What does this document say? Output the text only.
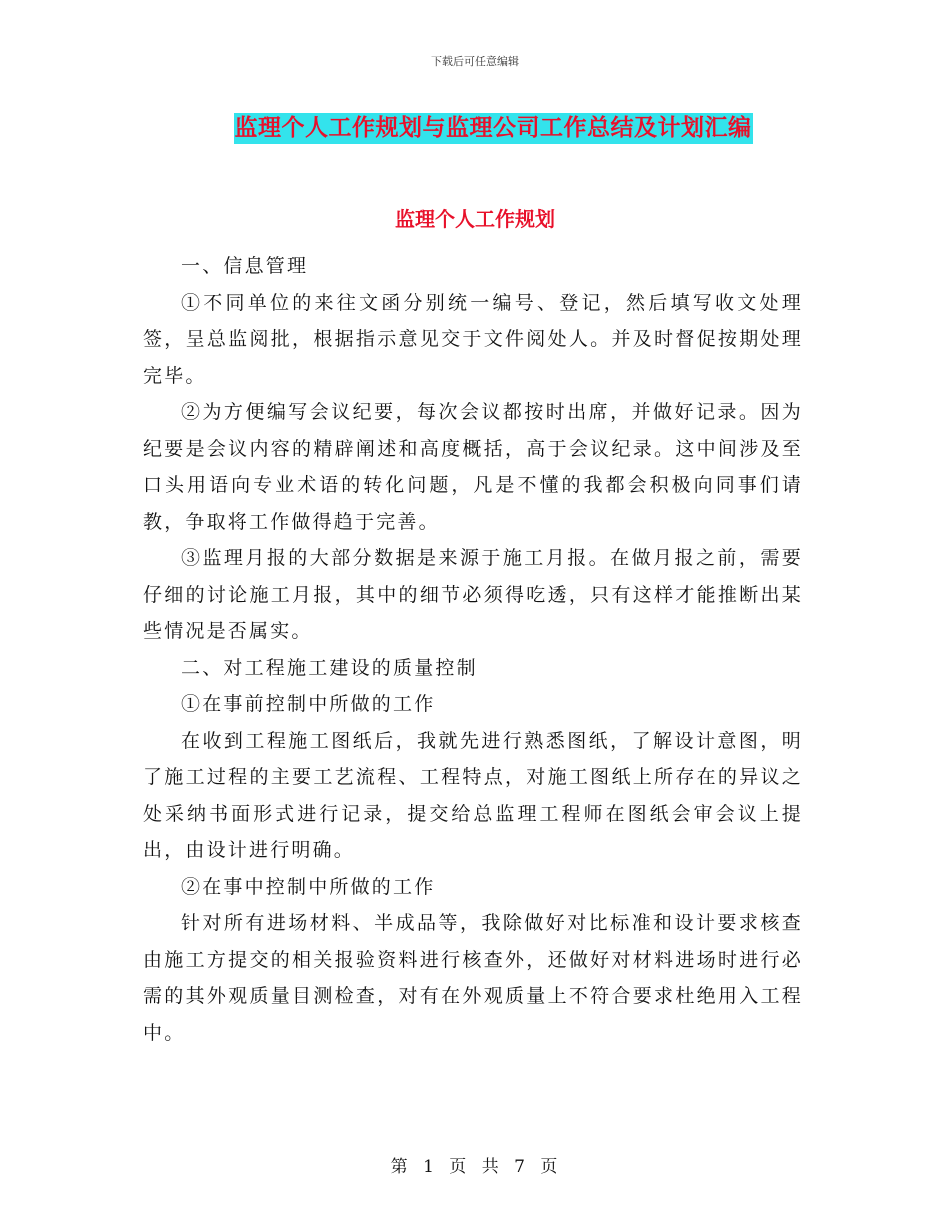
下载后可任意编辑
监理个人工作规划与监理公司工作总结及计划汇编
监理个人工作规划

一、信息管理

①不同单位的来往文函分别统一编号、登记，然后填写收文处理签，呈总监阅批，根据指示意见交于文件阅处人。并及时督促按期处理完毕。

②为方便编写会议纪要，每次会议都按时出席，并做好记录。因为纪要是会议内容的精辟阐述和高度概括，高于会议纪录。这中间涉及至口头用语向专业术语的转化问题，凡是不懂的我都会积极向同事们请教，争取将工作做得趋于完善。

③监理月报的大部分数据是来源于施工月报。在做月报之前，需要仔细的讨论施工月报，其中的细节必须得吃透，只有这样才能推断出某些情况是否属实。

二、对工程施工建设的质量控制

①在事前控制中所做的工作

在收到工程施工图纸后，我就先进行熟悉图纸，了解设计意图，明了施工过程的主要工艺流程、工程特点，对施工图纸上所存在的异议之处采纳书面形式进行记录，提交给总监理工程师在图纸会审会议上提出，由设计进行明确。

②在事中控制中所做的工作

针对所有进场材料、半成品等，我除做好对比标准和设计要求核查由施工方提交的相关报验资料进行核查外，还做好对材料进场时进行必需的其外观质量目测检查，对有在外观质量上不符合要求杜绝用入工程中。

第 1 页 共 7 页
